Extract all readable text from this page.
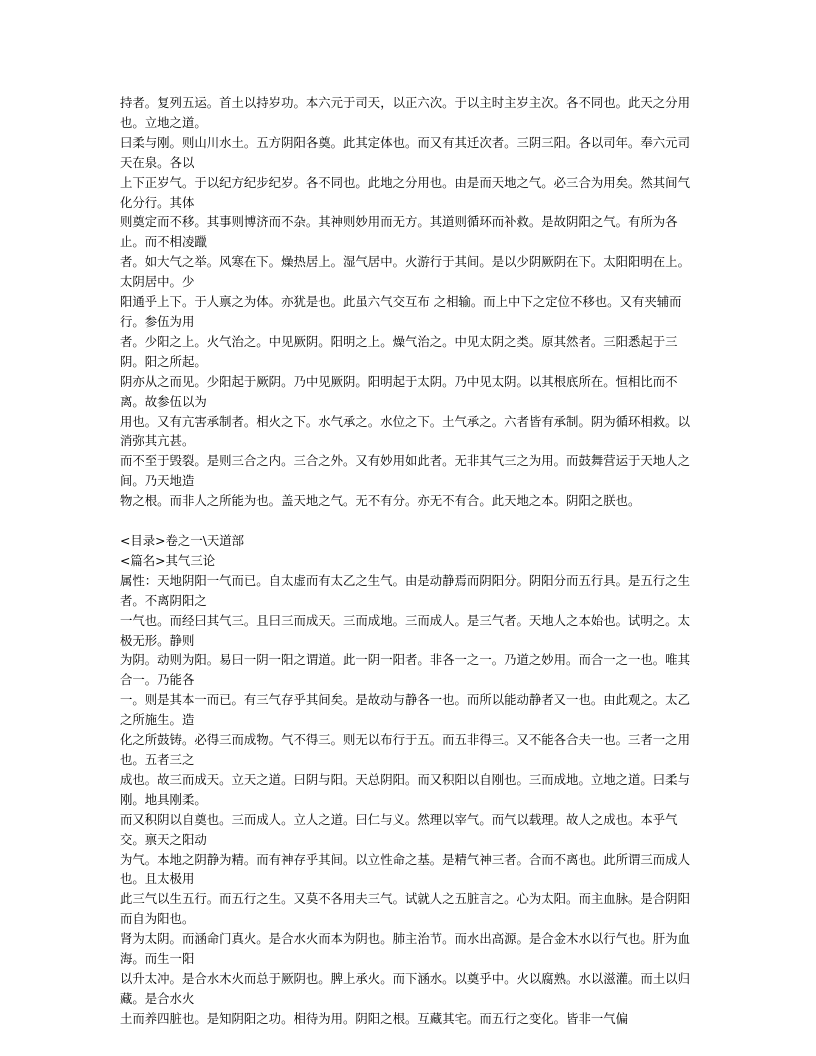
持者。复列五运。首土以持岁功。本六元于司天，以正六次。于以主时主岁主次。各不同也。此天之分用也。立地之道。

曰柔与刚。则山川水土。五方阴阳各奠。此其定体也。而又有其迁次者。三阴三阳。各以司年。奉六元司天在泉。各以

上下正岁气。于以纪方纪步纪岁。各不同也。此地之分用也。由是而天地之气。必三合为用矣。然其间气化分行。其体

则奠定而不移。其事则博济而不杂。其神则妙用而无方。其道则循环而补救。是故阴阳之气。有所为各止。而不相凌躐

者。如大气之举。风寒在下。燥热居上。湿气居中。火游行于其间。是以少阴厥阴在下。太阳阳明在上。太阴居中。少

阳通乎上下。于人禀之为体。亦犹是也。此虽六气交互布 之相输。而上中下之定位不移也。又有夹辅而行。参伍为用

者。少阳之上。火气治之。中见厥阴。阳明之上。燥气治之。中见太阴之类。原其然者。三阳悉起于三阴。阳之所起。

阴亦从之而见。少阳起于厥阴。乃中见厥阴。阳明起于太阴。乃中见太阴。以其根底所在。恒相比而不离。故参伍以为

用也。又有亢害承制者。相火之下。水气承之。水位之下。土气承之。六者皆有承制。阴为循环相救。以消弥其亢甚。

而不至于毁裂。是则三合之内。三合之外。又有妙用如此者。无非其气三之为用。而鼓舞营运于天地人之间。乃天地造

物之根。而非人之所能为也。盖天地之气。无不有分。亦无不有合。此天地之本。阴阳之朕也。

<目录>卷之一\天道部

<篇名>其气三论

属性：天地阴阳一气而已。自太虚而有太乙之生气。由是动静焉而阴阳分。阴阳分而五行具。是五行之生者。不离阴阳之

一气也。而经曰其气三。且曰三而成天。三而成地。三而成人。是三气者。天地人之本始也。试明之。太极无形。静则

为阴。动则为阳。易曰一阴一阳之谓道。此一阴一阳者。非各一之一。乃道之妙用。而合一之一也。唯其合一。乃能各

一。则是其本一而已。有三气存乎其间矣。是故动与静各一也。而所以能动静者又一也。由此观之。太乙之所施生。造

化之所鼓铸。必得三而成物。气不得三。则无以布行于五。而五非得三。又不能各合夫一也。三者一之用也。五者三之

成也。故三而成天。立天之道。曰阴与阳。天总阴阳。而又积阳以自刚也。三而成地。立地之道。曰柔与刚。地具刚柔。

而又积阴以自奠也。三而成人。立人之道。曰仁与义。然理以宰气。而气以载理。故人之成也。本乎气交。禀天之阳动

为气。本地之阴静为精。而有神存乎其间。以立性命之基。是精气神三者。合而不离也。此所谓三而成人也。且太极用

此三气以生五行。而五行之生。又莫不各用夫三气。试就人之五脏言之。心为太阳。而主血脉。是合阴阳而自为阳也。

肾为太阴。而涵命门真火。是合水火而本为阴也。肺主治节。而水出高源。是合金木水以行气也。肝为血海。而生一阳

以升太冲。是合水木火而总于厥阴也。脾上承火。而下涵水。以奠乎中。火以腐熟。水以滋灌。而土以归藏。是合水火

土而养四脏也。是知阴阳之功。相待为用。阴阳之根。互藏其宅。而五行之变化。皆非一气偏
